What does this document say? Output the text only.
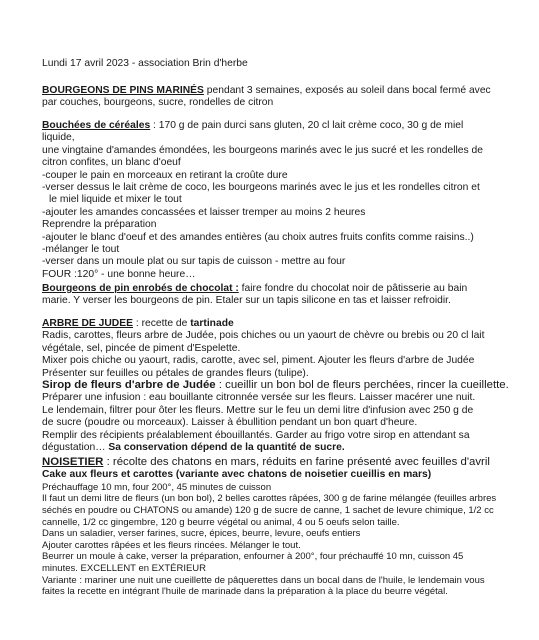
Lundi 17 avril 2023 - association Brin d'herbe

BOURGEONS DE PINS MARINÉS pendant 3 semaines, exposés au soleil dans bocal fermé avec

par couches, bourgeons, sucre, rondelles de citron

Bouchées de céréales : 170 g de pain durci sans gluten, 20 cl lait crème coco, 30 g de miel

liquide,

une vingtaine d'amandes émondées, les bourgeons marinés avec le jus sucré et les rondelles de

citron confites, un blanc d'oeuf

-couper le pain en morceaux en retirant la croûte dure

-verser dessus le lait crème de coco, les bourgeons marinés avec le jus et les rondelles citron et

le miel liquide et mixer le tout

-ajouter les amandes concassées et laisser tremper au moins 2 heures

Reprendre la préparation

-ajouter le blanc d'oeuf et des amandes entières (au choix autres fruits confits comme raisins..)

-mélanger le tout

-verser dans un moule plat ou sur tapis de cuisson - mettre au four

FOUR :120° - une bonne heure…

Bourgeons de pin enrobés de chocolat : faire fondre du chocolat noir de pâtisserie au bain

marie. Y verser les bourgeons de pin. Etaler sur un tapis silicone en tas et laisser refroidir.

ARBRE DE JUDEE : recette de tartinade

Radis, carottes, fleurs arbre de Judée, pois chiches ou un yaourt de chèvre ou brebis ou 20 cl lait

végétale, sel, pincée de piment d'Espelette.

Mixer pois chiche ou yaourt, radis, carotte, avec sel, piment. Ajouter les fleurs d'arbre de Judée

Présenter sur feuilles ou pétales de grandes fleurs (tulipe).

Sirop de fleurs d'arbre de Judée : cueillir un bon bol de fleurs perchées, rincer la cueillette.

Préparer une infusion : eau bouillante citronnée versée sur les fleurs. Laisser macérer une nuit.

Le lendemain, filtrer pour ôter les fleurs. Mettre sur le feu un demi litre d'infusion avec 250 g de

de sucre (poudre ou morceaux). Laisser à ébullition pendant un bon quart d'heure.

Remplir des récipients préalablement ébouillantés. Garder au frigo votre sirop en attendant sa

dégustation… Sa conservation dépend de la quantité de sucre.

NOISETIER : récolte des chatons en mars, réduits en farine présenté avec feuilles d'avril

Cake aux fleurs et carottes (variante avec chatons de noisetier cueillis en mars)

Préchauffage 10 mn, four 200°, 45 minutes de cuisson

Il faut un demi litre de fleurs (un bon bol), 2 belles carottes râpées, 300 g de farine mélangée (feuilles arbres

séchés en poudre ou CHATONS ou amande) 120 g de sucre de canne, 1 sachet de levure chimique, 1/2 cc

cannelle, 1/2 cc gingembre, 120 g beurre végétal ou animal, 4 ou 5 oeufs selon taille.

Dans un saladier, verser farines, sucre, épices, beurre, levure, oeufs entiers

Ajouter carottes râpées et les fleurs rincées. Mélanger le tout.

Beurrer un moule à cake, verser la préparation, enfourner à 200°, four préchauffé 10 mn, cuisson 45

minutes. EXCELLENT en EXTÉRIEUR

Variante : mariner une nuit une cueillette de pâquerettes dans un bocal dans de l'huile, le lendemain vous

faites la recette en intégrant l'huile de marinade dans la préparation à la place du beurre végétal.
